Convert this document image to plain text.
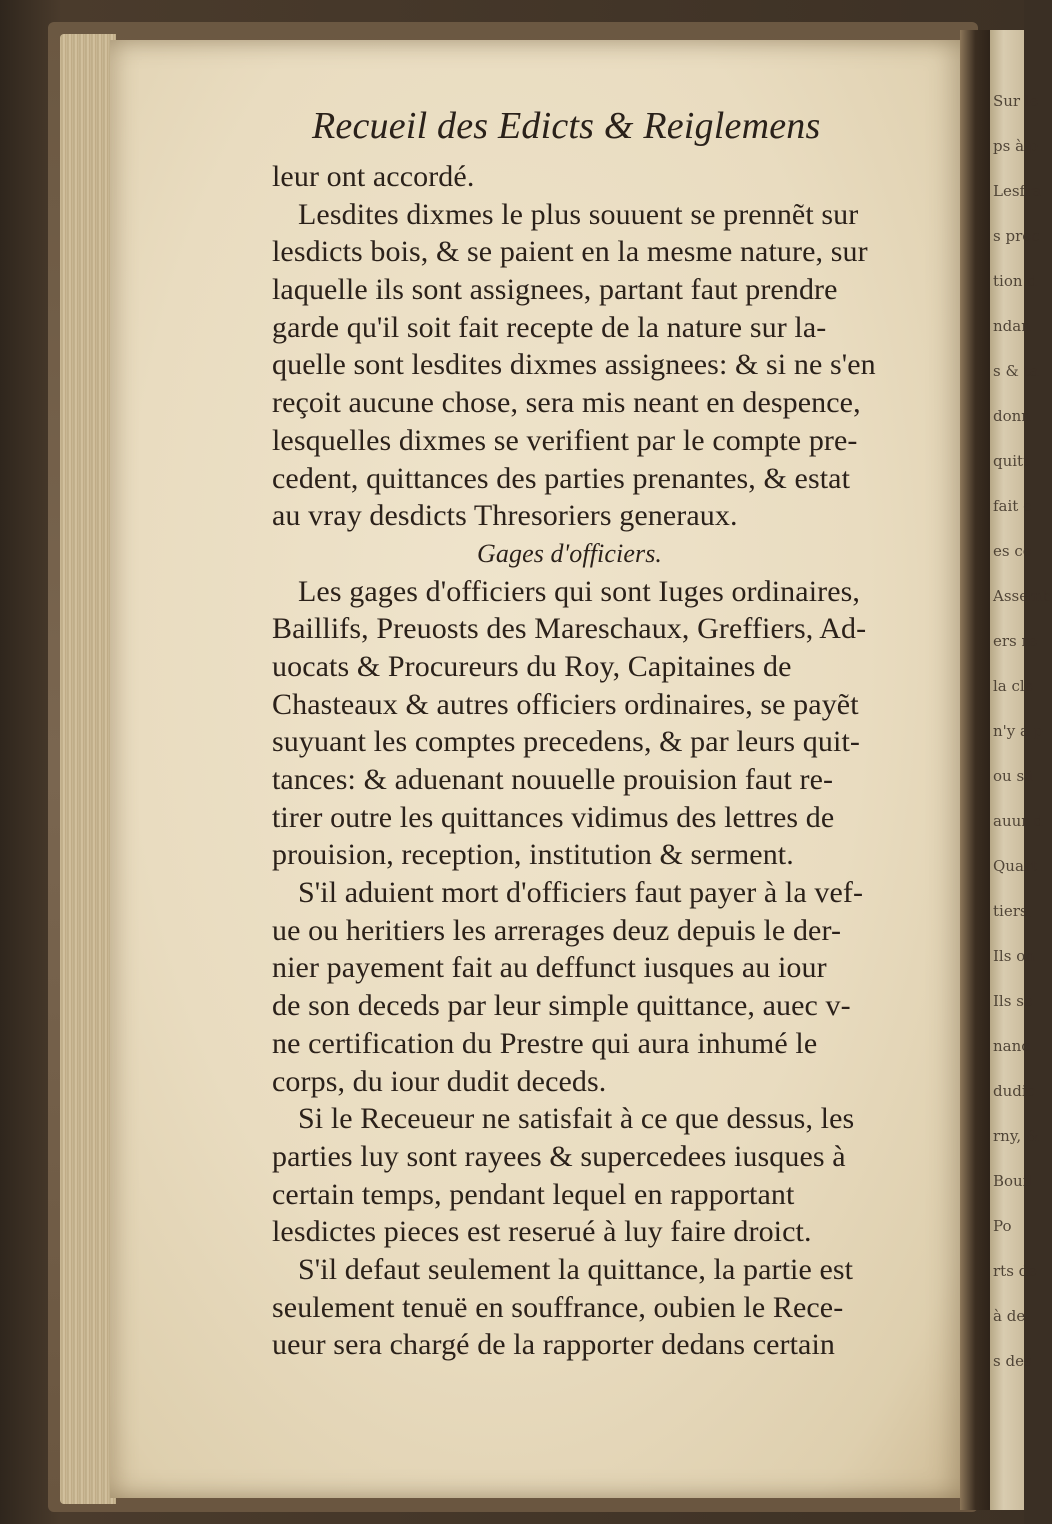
Recueil des Edicts & Reiglemens
leur ont accordé.
Lesdites dixmes le plus souuent se prennẽt sur
lesdicts bois, & se paient en la mesme nature, sur
laquelle ils sont assignees, partant faut prendre
garde qu'il soit fait recepte de la nature sur la-
quelle sont lesdites dixmes assignees: & si ne s'en
reçoit aucune chose, sera mis neant en despence,
lesquelles dixmes se verifient par le compte pre-
cedent, quittances des parties prenantes, & estat
au vray desdicts Thresoriers generaux.
Gages d'officiers.
Les gages d'officiers qui sont Iuges ordinaires,
Baillifs, Preuosts des Mareschaux, Greffiers, Ad-
uocats & Procureurs du Roy, Capitaines de
Chasteaux & autres officiers ordinaires, se payẽt
suyuant les comptes precedens, & par leurs quit-
tances: & aduenant nouuelle prouision faut re-
tirer outre les quittances vidimus des lettres de
prouision, reception, institution & serment.
S'il aduient mort d'officiers faut payer à la vef-
ue ou heritiers les arrerages deuz depuis le der-
nier payement fait au deffunct iusques au iour
de son deceds par leur simple quittance, auec v-
ne certification du Prestre qui aura inhumé le
corps, du iour dudit deceds.
Si le Receueur ne satisfait à ce que dessus, les
parties luy sont rayees & supercedees iusques à
certain temps, pendant lequel en rapportant
lesdictes pieces est reserué à luy faire droict.
S'il defaut seulement la quittance, la partie est
seulement tenuë en souffrance, oubien le Rece-
ueur sera chargé de la rapporter dedans certain
Sur le
ps à p
Lesfra
s proc
tion d
ndan
s & ta
donn
quitt
fait c
es co
Assemb
ers re
la cle
n'y a p
ou s'i
auur d
Quart
tiers,
Ils on
Ils so
nanc
dudic
rny, &
Bouil
Po
rts de
à de
s des
